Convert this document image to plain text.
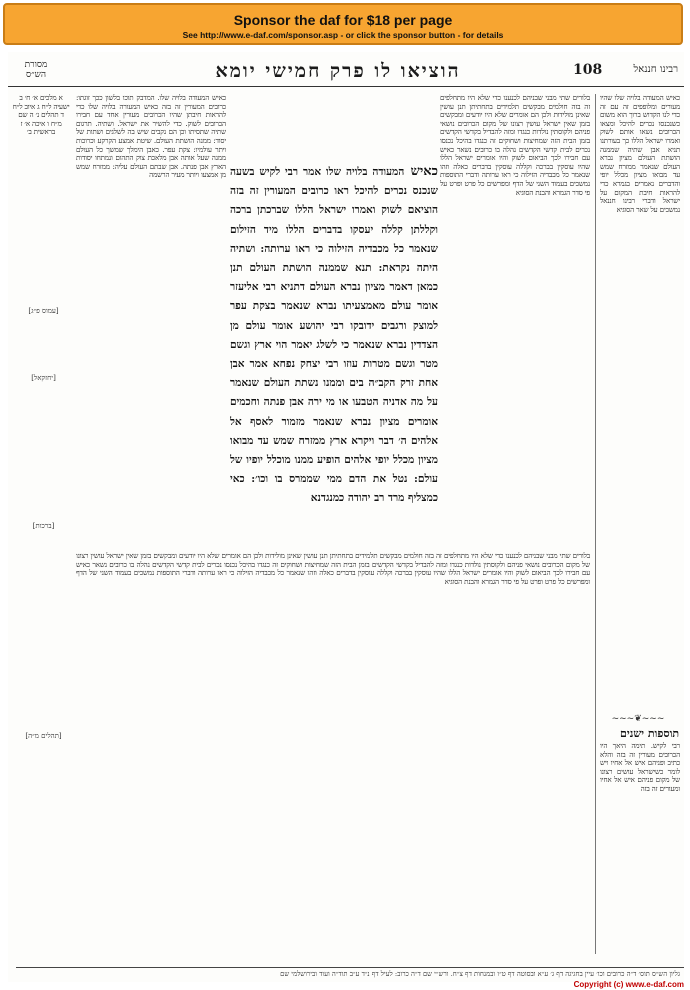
Sponsor the daf for $18 per page
See http://www.e-daf.com/sponsor.asp - or click the sponsor button - for details
מסורת הש״ס	הוציאו לו פרק חמישי יומא	108	רבינו חננאל
כאיש המעודה בלויה שלו שהיו מעורים ומלופפים זה עם זה כדי לנו הקדוש ברוך הוא משום כשנכנסו נכרים להיכל ומצאו הכרובים נשאו אותם לשוק ואמרו ישראל הללו כך בעורתנו תניא אבן שתיה שממנה הושתת העולם מציון נברא העולם שנאמר ממזרח שמש עד מבואו מציון מכלל יופי והדברים נאמרים בגמרא כדי להראות חיבת המקום על ישראל ודברי רבינו חננאל נמשכים על שאר הסוגיא
בלורים שתי מבני שבניהם לכנענו כדי שלא היו מתחלפים זה בזה חולמים מבקשים תלמידים בתחתיתן תנן עושין שאינן מולידות ולכן הם אומרים שלא היו יודעים ומבקשים בזמן שאין ישראל עושין רצונו של מקום הכרובים נושאי פניהם ולקוסתין נולדות כנגדו ומזה להבדיל בקדשי הקדשים בזמן הבית הזה שמחיצות ושחוקים זה כנגדו בהיכל נכנסו נכרים לבית קדשי הקדשים נהלה בו כרובים נשאר כאיש עם חבירו לכך הביאום לשוק והיו אומרים ישראל הללו שהיו עוסקין בברכה וקללה עוסקין בדברים כאלה וזהו שנאמר כל מכבדיה הזילוה כי ראו ערותה ודברי התוספות נמשכים בעמוד השני של הדף ומפרשים כל פרט ופרט על פי סדר הגמרא והבנת הסוגיא
כאיש המעודה בלויה שלו. המדבק תוכו בלשון ככך זוגתו: כרובים המעורין זה בזה כאיש המעורה בלויה שלו כדי להראות חיבתן שהיו הכרובים מעורין אחד עם חבירו הכרובים לשוק. כדי להשיר את ישראל. ושתיה. תרגום שתיה שתסיתו וכן הם נקבים שיש בה לשלגים ושתות של יסוד: ממנה הושתת העולם. שיטת אמצע הקרקע וכרוכות ויתר עולמיו: צקת עפר. כאבן הימלך שמשך כל העולם ממנה שעל אותה אבן מלאכת צוק התהום ונמתחו יסודות הארץ אבן פנתה. אבן שבתם העולם עליה: ממזרח שמש מן אמצעו ויותר מעיר הרשמה	כאיש המעודה בלויה שלו אמר רבי לקיש בשעה שנכנס נכרים להיכל ראו כרובים המעורין זה בזה הוציאם לשוק ואמרו ישראל הללו שברכתן ברכה וקללתן קללה יעסקו בדברים הללו מיד הזילום שנאמר כל מכבדיה הזילוה כי ראו ערותה: ושתיה היתה נקראת: תנא שממנה הושתת העולם תנן כמאן דאמר מציון נברא העולם דתניא רבי אליעזר אומר עולם מאמצעיתו נברא שנאמר בצקת עפר למוצק ורגבים ידובקו רבי יהושע אומר עולם מן הצדדין נברא שנאמר כי לשלג יאמר הוי ארץ וגשם מטר וגשם מטרות עוזו רבי יצחק נפחא אמר אבן אחת זרק הקב״ה בים וממנו נשתת העולם שנאמר על מה אדניה הטבעו או מי ירה אבן פנתה וחכמים אומרים מציון נברא שנאמר מזמור לאסף אל אלהים ה׳ דבר ויקרא ארץ ממזרח שמש עד מבואו מציון מכלל יופי אלהים הופיע ממנו מוכלל יופיו של עולם: נטל את הדם ממי שממרס בו וכו׳: כאי כמצליף מרד רב יהודה כמנגדנא
בלורים שתי מבני שבניהם לכנענו כדי שלא היו מתחלפים זה בזה חולמים מבקשים תלמידים בתחתיתן תנן עושין שאינן מולידות ולכן הם אומרים שלא היו יודעים ומבקשים בזמן שאין ישראל עושין רצונו של מקום הכרובים נושאי פניהם ולקוסתין נולדות כנגדו ומזה להבדיל בקדשי הקדשים בזמן הבית הזה שמחיצות ושחוקים זה כנגדו בהיכל נכנסו נכרים לבית קדשי הקדשים נהלה בו כרובים נשאר כאיש עם חבירו לכך הביאום לשוק והיו אומרים ישראל הללו שהיו עוסקין בברכה וקללה עוסקין בדברים כאלה וזהו שנאמר כל מכבדיה הזילוה כי ראו ערותה ודברי התוספות נמשכים בעמוד השני של הדף ומפרשים כל פרט ופרט על פי סדר הגמרא והבנת הסוגיא
א מלכים א׳ ח׳ ב ישעיה ל״ח ג איוב ל״ח ד תהלים נ׳ ה שם מ״ח ו איכה א׳ ז בראשית ב׳
[עמוס פ״ג]
[יחזקאל]
[ברכות]
[תהלים מ״ה]
~~~❦~~~
תוספות ישנים
רבי לקיש. תימה היאך היו הכרובים מעורין זה בזה והלא כתיב ופניהם איש אל אחיו ויש לומר כשישראל עושים רצונו של מקום פניהם איש אל אחיו ומעורים זה בזה
גליון הש״ס תוס׳ ד״ה כרובים וכו׳ עיין בחגיגה דף ג׳ ע״א ובסוטה דף ט״ו ובמנחות דף צ״ח. ורש״י שם ד״ה כרוב: לעיל דף נ״ד ע״ב תוד״ה ועוד ובירושלמי שם
Copyright (c) www.e-daf.com
